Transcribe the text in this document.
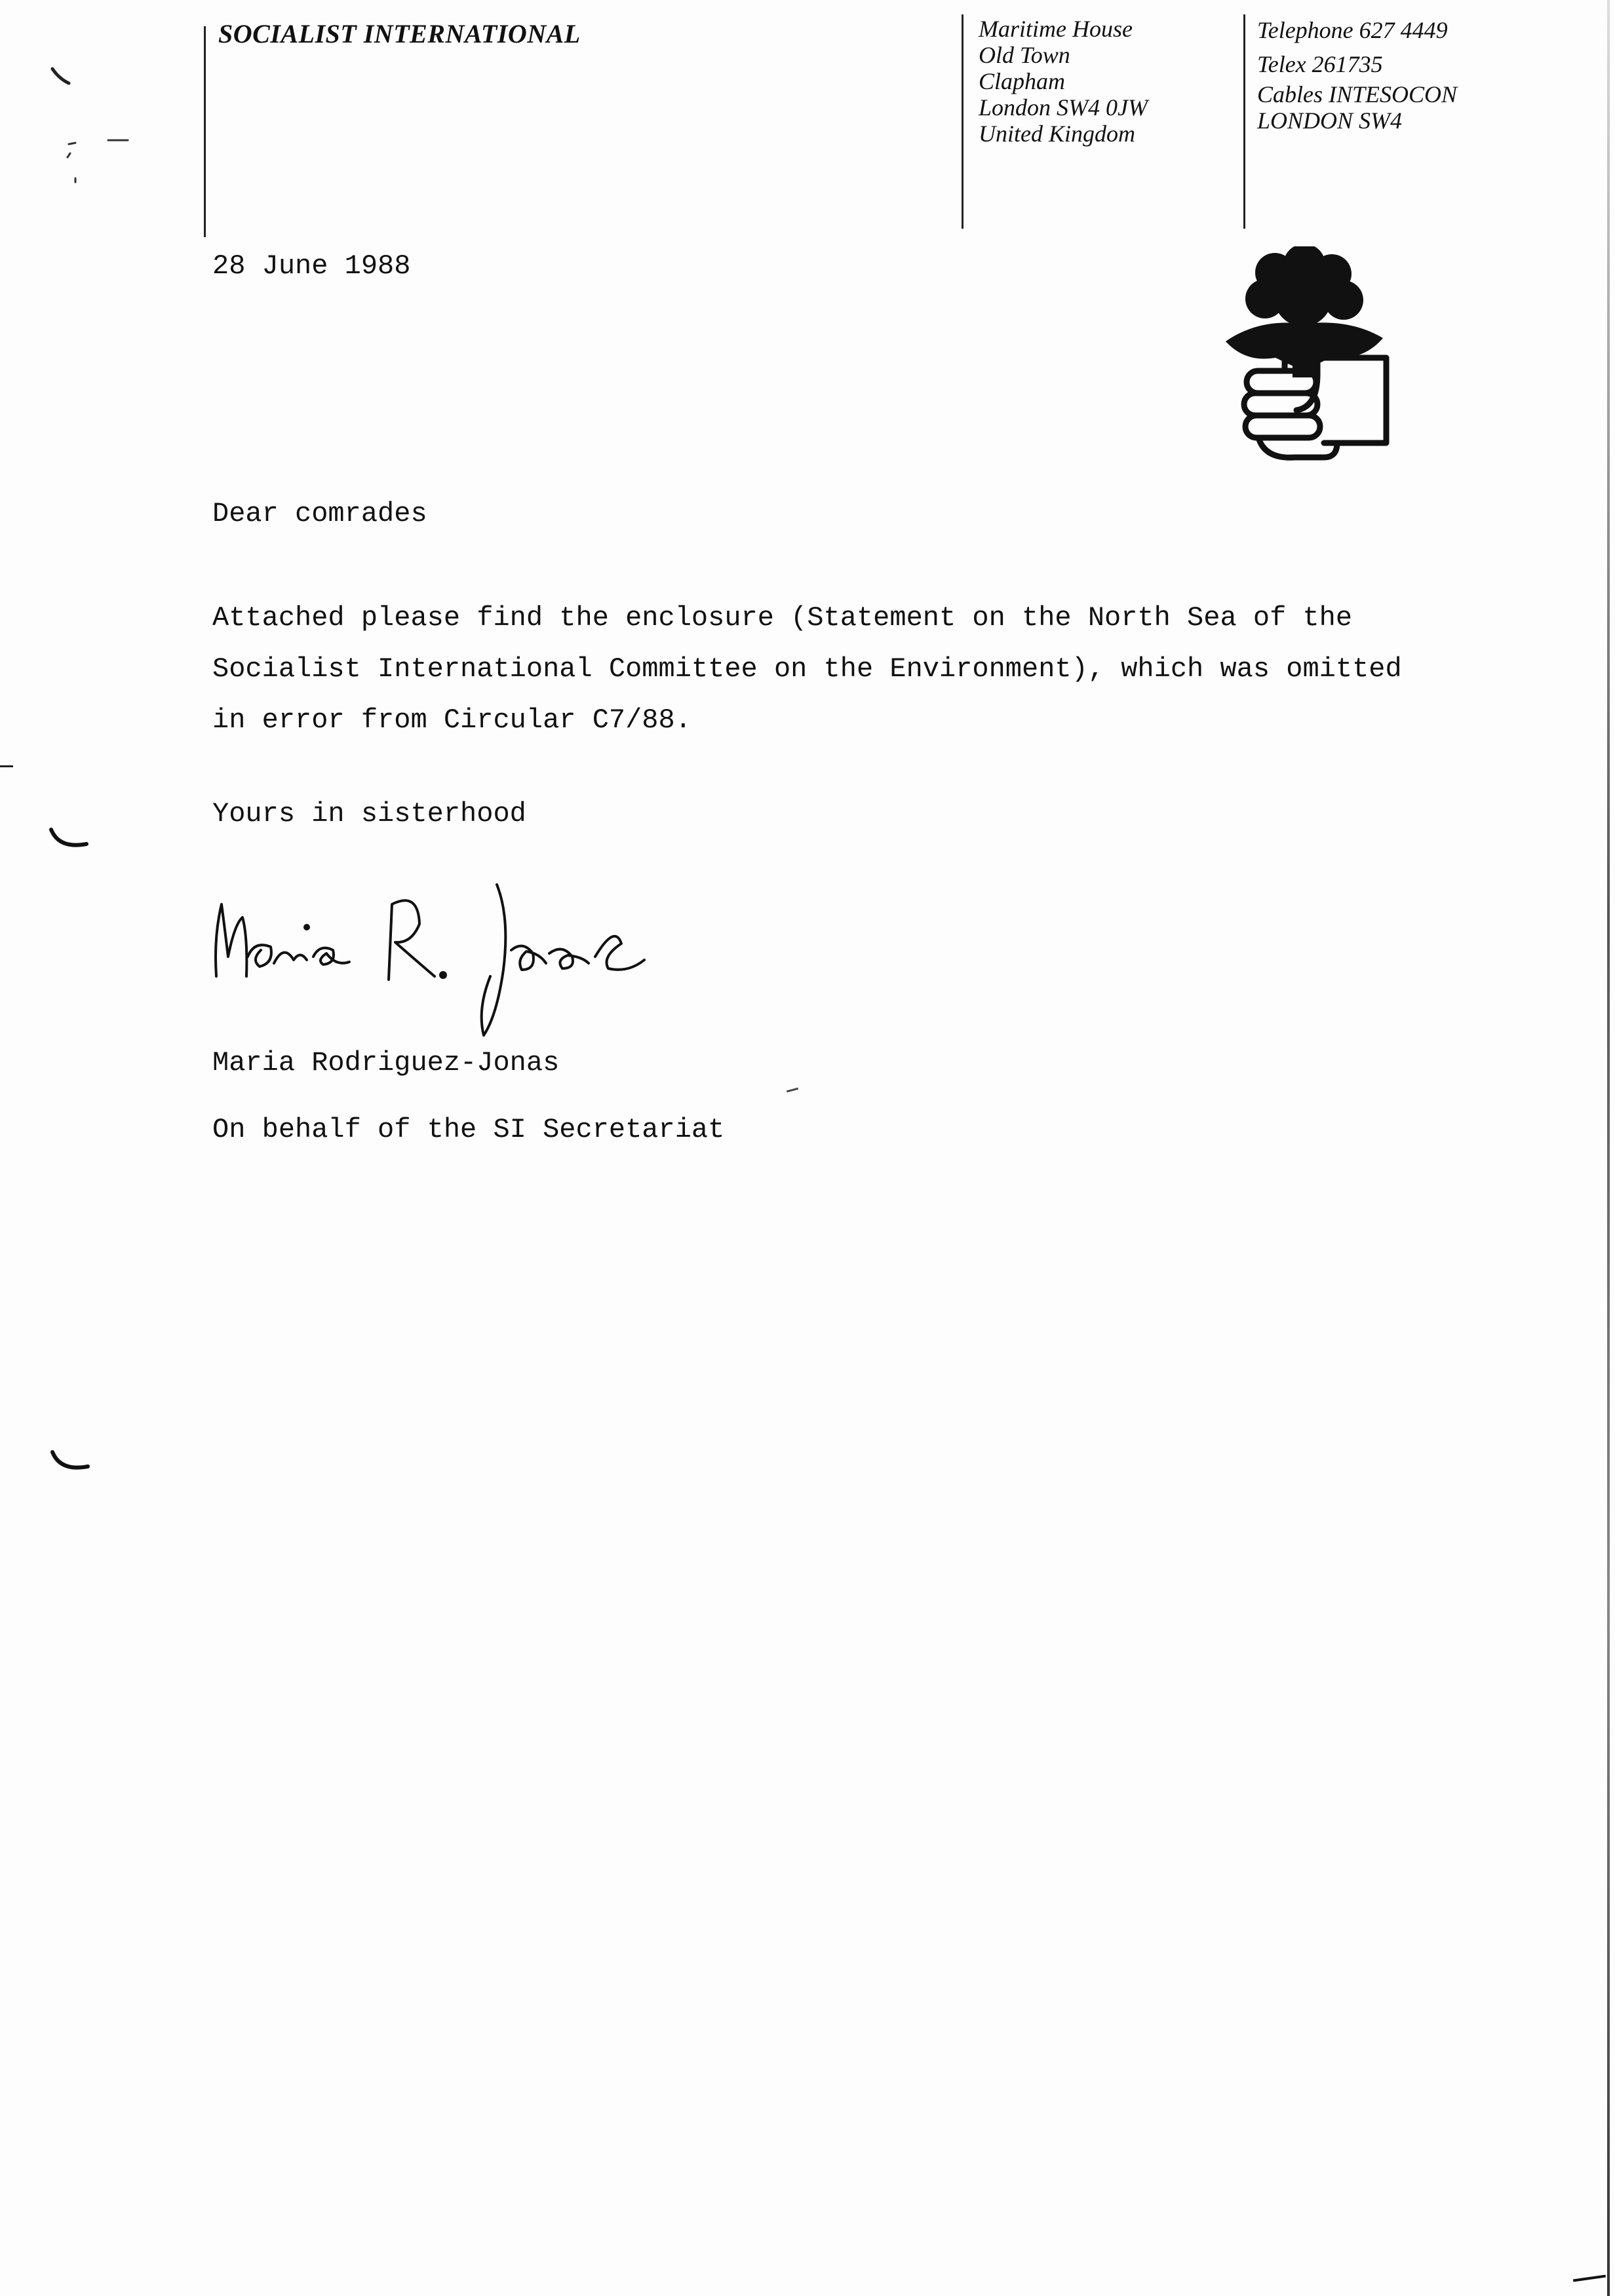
SOCIALIST INTERNATIONAL	Maritime House
Old Town
Clapham
London SW4 0JW
United Kingdom
Telephone 627 4449
Telex 261735
Cables INTESOCON
LONDON SW4
28 June 1988
Dear comrades
Attached please find the enclosure (Statement on the North Sea of the
Socialist International Committee on the Environment), which was omitted
in error from Circular C7/88.
Yours in sisterhood
Maria Rodriguez-Jonas
On behalf of the SI Secretariat
